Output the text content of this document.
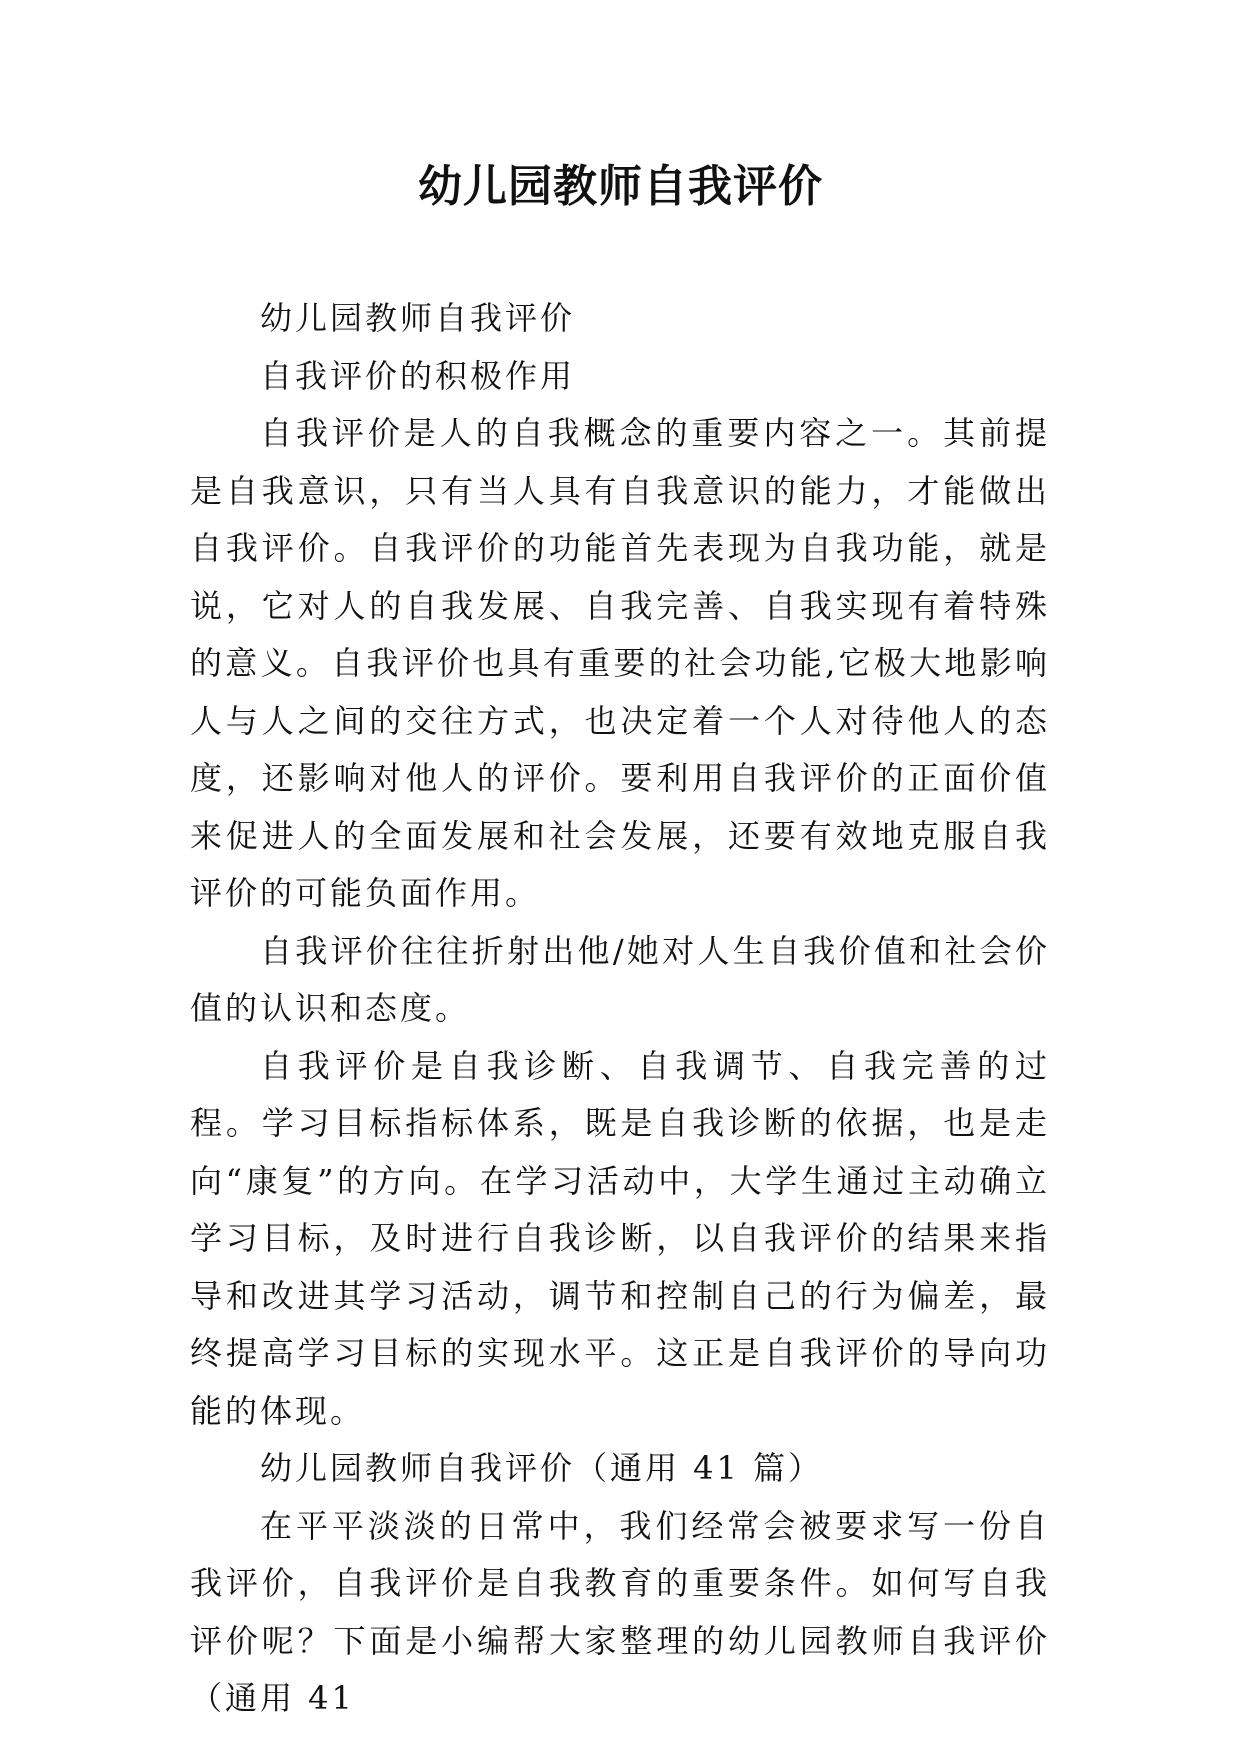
幼儿园教师自我评价

幼儿园教师自我评价

自我评价的积极作用

自我评价是人的自我概念的重要内容之一。其前提是自我意识，只有当人具有自我意识的能力，才能做出自我评价。自我评价的功能首先表现为自我功能，就是说，它对人的自我发展、自我完善、自我实现有着特殊的意义。自我评价也具有重要的社会功能,它极大地影响人与人之间的交往方式，也决定着一个人对待他人的态度，还影响对他人的评价。要利用自我评价的正面价值来促进人的全面发展和社会发展，还要有效地克服自我评价的可能负面作用。

自我评价往往折射出他/她对人生自我价值和社会价值的认识和态度。

自我评价是自我诊断、自我调节、自我完善的过程。学习目标指标体系，既是自我诊断的依据，也是走向“康复”的方向。在学习活动中，大学生通过主动确立学习目标，及时进行自我诊断，以自我评价的结果来指导和改进其学习活动，调节和控制自己的行为偏差，最终提高学习目标的实现水平。这正是自我评价的导向功能的体现。

幼儿园教师自我评价（通用 41 篇）

在平平淡淡的日常中，我们经常会被要求写一份自我评价，自我评价是自我教育的重要条件。如何写自我评价呢？下面是小编帮大家整理的幼儿园教师自我评价（通用 41
